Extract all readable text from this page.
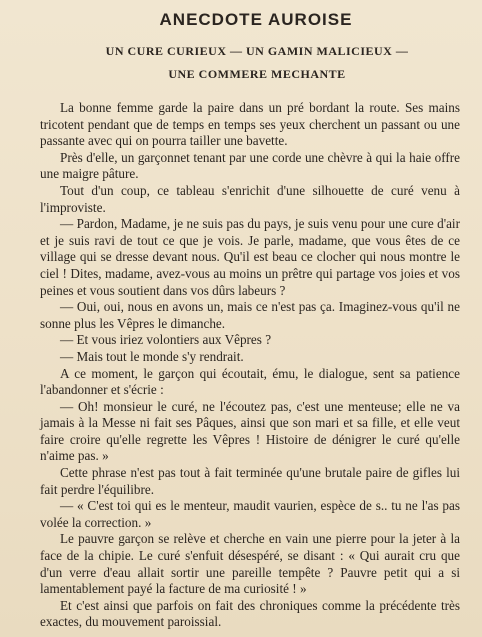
ANECDOTE AUROISE
UN CURE CURIEUX — UN GAMIN MALICIEUX —
UNE COMMERE MECHANTE

La bonne femme garde la paire dans un pré bordant la route. Ses mains tricotent pendant que de temps en temps ses yeux cherchent un passant ou une passante avec qui on pourra tailler une bavette.

Près d'elle, un garçonnet tenant par une corde une chèvre à qui la haie offre une maigre pâture.

Tout d'un coup, ce tableau s'enrichit d'une silhouette de curé venu à l'improviste.

— Pardon, Madame, je ne suis pas du pays, je suis venu pour une cure d'air et je suis ravi de tout ce que je vois. Je parle, madame, que vous êtes de ce village qui se dresse devant nous. Qu'il est beau ce clocher qui nous montre le ciel ! Dites, madame, avez-vous au moins un prêtre qui partage vos joies et vos peines et vous soutient dans vos dûrs labeurs ?

— Oui, oui, nous en avons un, mais ce n'est pas ça. Imaginez-vous qu'il ne sonne plus les Vêpres le dimanche.

— Et vous iriez volontiers aux Vêpres ?

— Mais tout le monde s'y rendrait.

A ce moment, le garçon qui écoutait, ému, le dialogue, sent sa patience l'abandonner et s'écrie :

— Oh! monsieur le curé, ne l'écoutez pas, c'est une menteuse; elle ne va jamais à la Messe ni fait ses Pâques, ainsi que son mari et sa fille, et elle veut faire croire qu'elle regrette les Vêpres ! Histoire de dénigrer le curé qu'elle n'aime pas. »

Cette phrase n'est pas tout à fait terminée qu'une brutale paire de gifles lui fait perdre l'équilibre.

— « C'est toi qui es le menteur, maudit vaurien, espèce de s.. tu ne l'as pas volée la correction. »

Le pauvre garçon se relève et cherche en vain une pierre pour la jeter à la face de la chipie. Le curé s'enfuit désespéré, se disant : « Qui aurait cru que d'un verre d'eau allait sortir une pareille tempête ? Pauvre petit qui a si lamentablement payé la facture de ma curiosité ! »

Et c'est ainsi que parfois on fait des chroniques comme la précédente très exactes, du mouvement paroissial.
